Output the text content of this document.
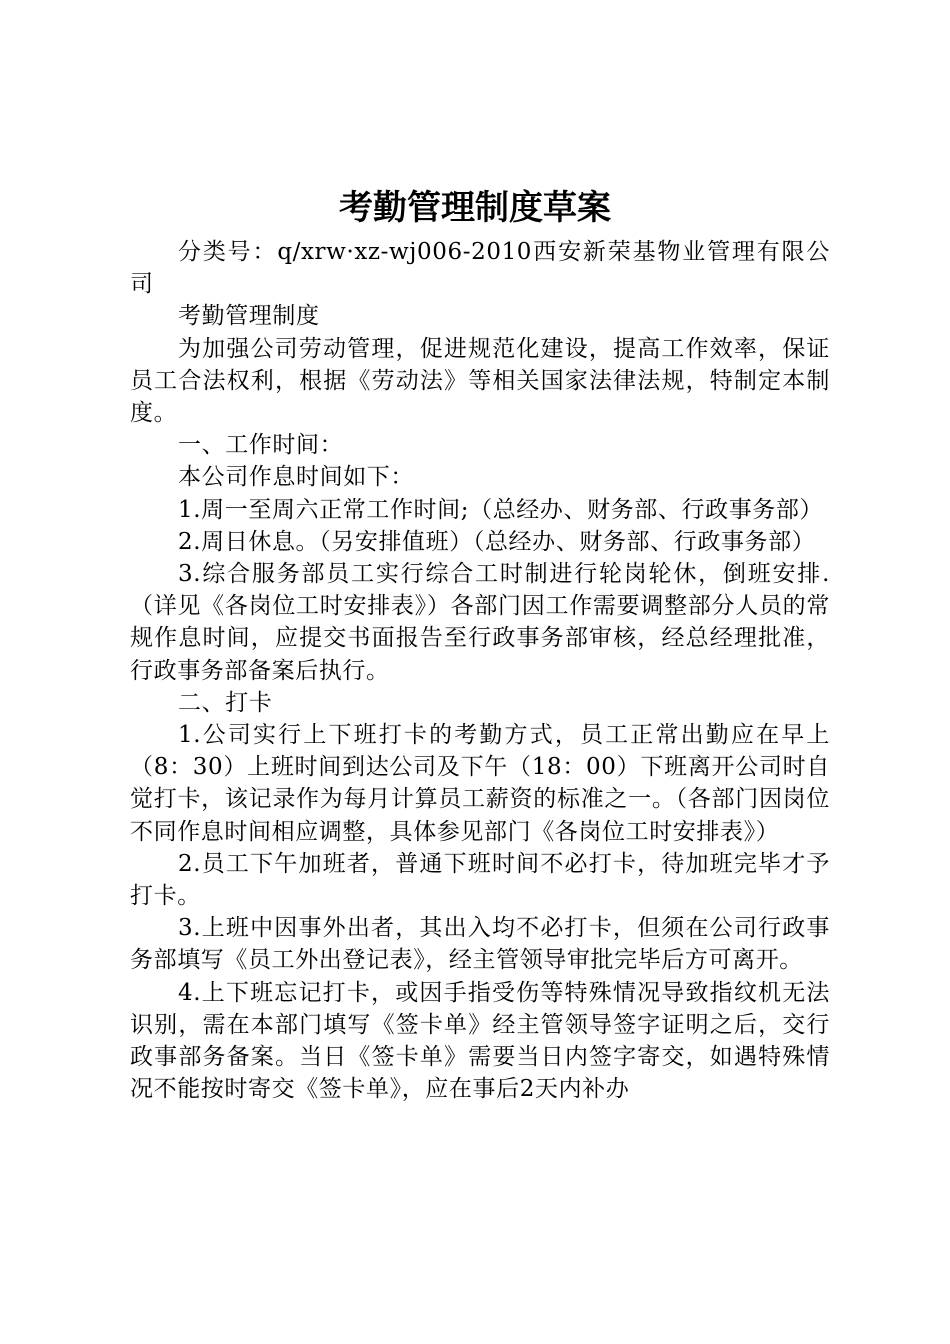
考勤管理制度草案

分类号：q/xrw·xz-wj006-2010西安新荣基物业管理有限公司

考勤管理制度

为加强公司劳动管理，促进规范化建设，提高工作效率，保证员工合法权利，根据《劳动法》等相关国家法律法规，特制定本制度。

一、工作时间：

本公司作息时间如下：

1.周一至周六正常工作时间;（总经办、财务部、行政事务部）

2.周日休息。（另安排值班）（总经办、财务部、行政事务部）

3.综合服务部员工实行综合工时制进行轮岗轮休，倒班安排.（详见《各岗位工时安排表》）各部门因工作需要调整部分人员的常规作息时间，应提交书面报告至行政事务部审核，经总经理批准，行政事务部备案后执行。

二、打卡

1.公司实行上下班打卡的考勤方式，员工正常出勤应在早上（8：30）上班时间到达公司及下午（18：00）下班离开公司时自觉打卡，该记录作为每月计算员工薪资的标准之一。（各部门因岗位不同作息时间相应调整，具体参见部门《各岗位工时安排表》）

2.员工下午加班者，普通下班时间不必打卡，待加班完毕才予打卡。

3.上班中因事外出者，其出入均不必打卡，但须在公司行政事务部填写《员工外出登记表》，经主管领导审批完毕后方可离开。

4.上下班忘记打卡，或因手指受伤等特殊情况导致指纹机无法识别，需在本部门填写《签卡单》经主管领导签字证明之后，交行政事部务备案。当日《签卡单》需要当日内签字寄交，如遇特殊情况不能按时寄交《签卡单》，应在事后2天内补办
